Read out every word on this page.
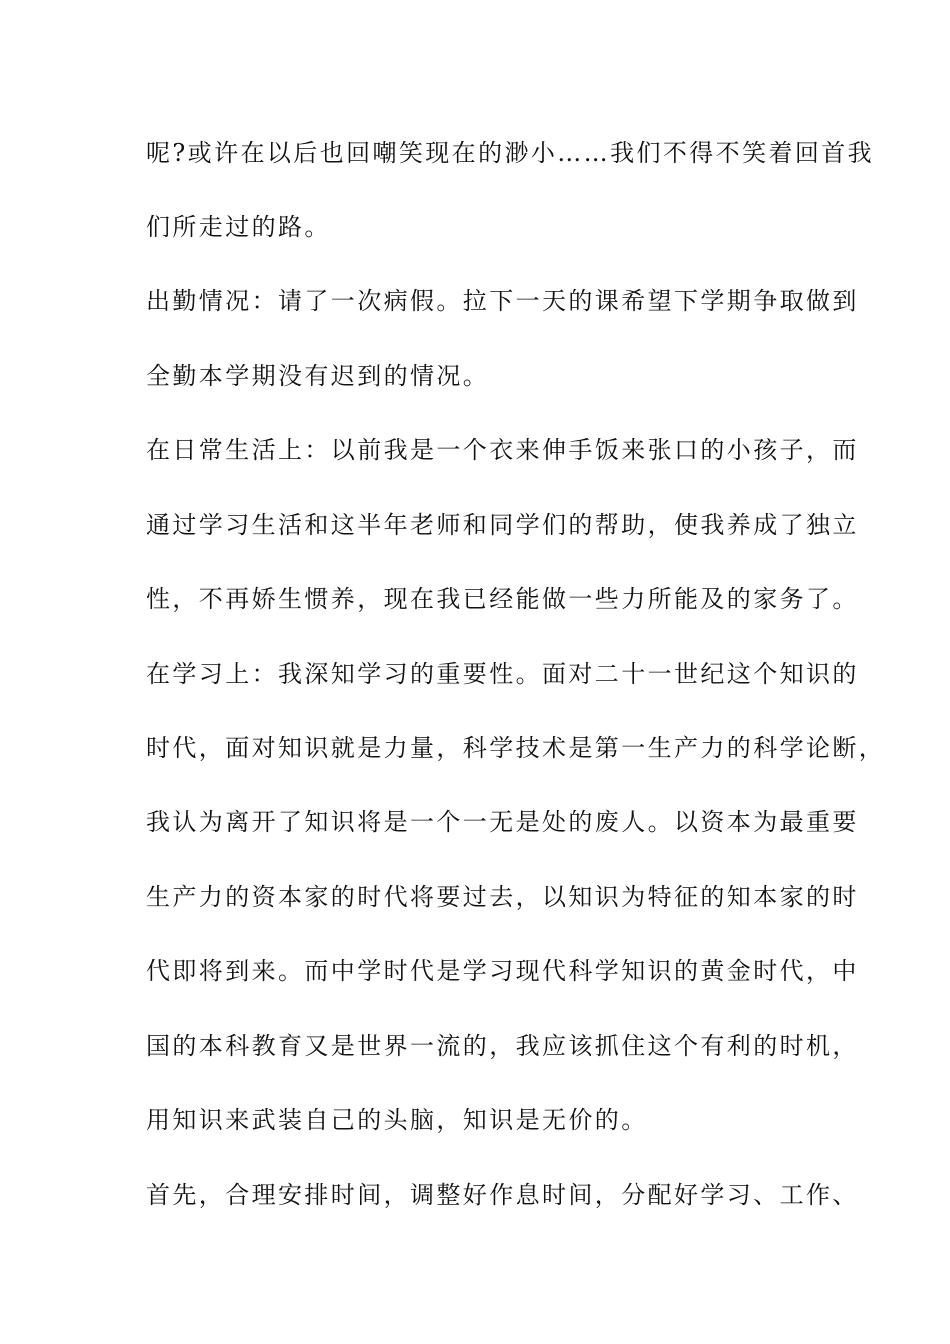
呢?或许在以后也回嘲笑现在的渺小……我们不得不笑着回首我
们所走过的路。
出勤情况：请了一次病假。拉下一天的课希望下学期争取做到
全勤本学期没有迟到的情况。
在日常生活上：以前我是一个衣来伸手饭来张口的小孩子，而
通过学习生活和这半年老师和同学们的帮助，使我养成了独立
性，不再娇生惯养，现在我已经能做一些力所能及的家务了。
在学习上：我深知学习的重要性。面对二十一世纪这个知识的
时代，面对知识就是力量，科学技术是第一生产力的科学论断，
我认为离开了知识将是一个一无是处的废人。以资本为最重要
生产力的资本家的时代将要过去，以知识为特征的知本家的时
代即将到来。而中学时代是学习现代科学知识的黄金时代，中
国的本科教育又是世界一流的，我应该抓住这个有利的时机，
用知识来武装自己的头脑，知识是无价的。
首先，合理安排时间，调整好作息时间，分配好学习、工作、
